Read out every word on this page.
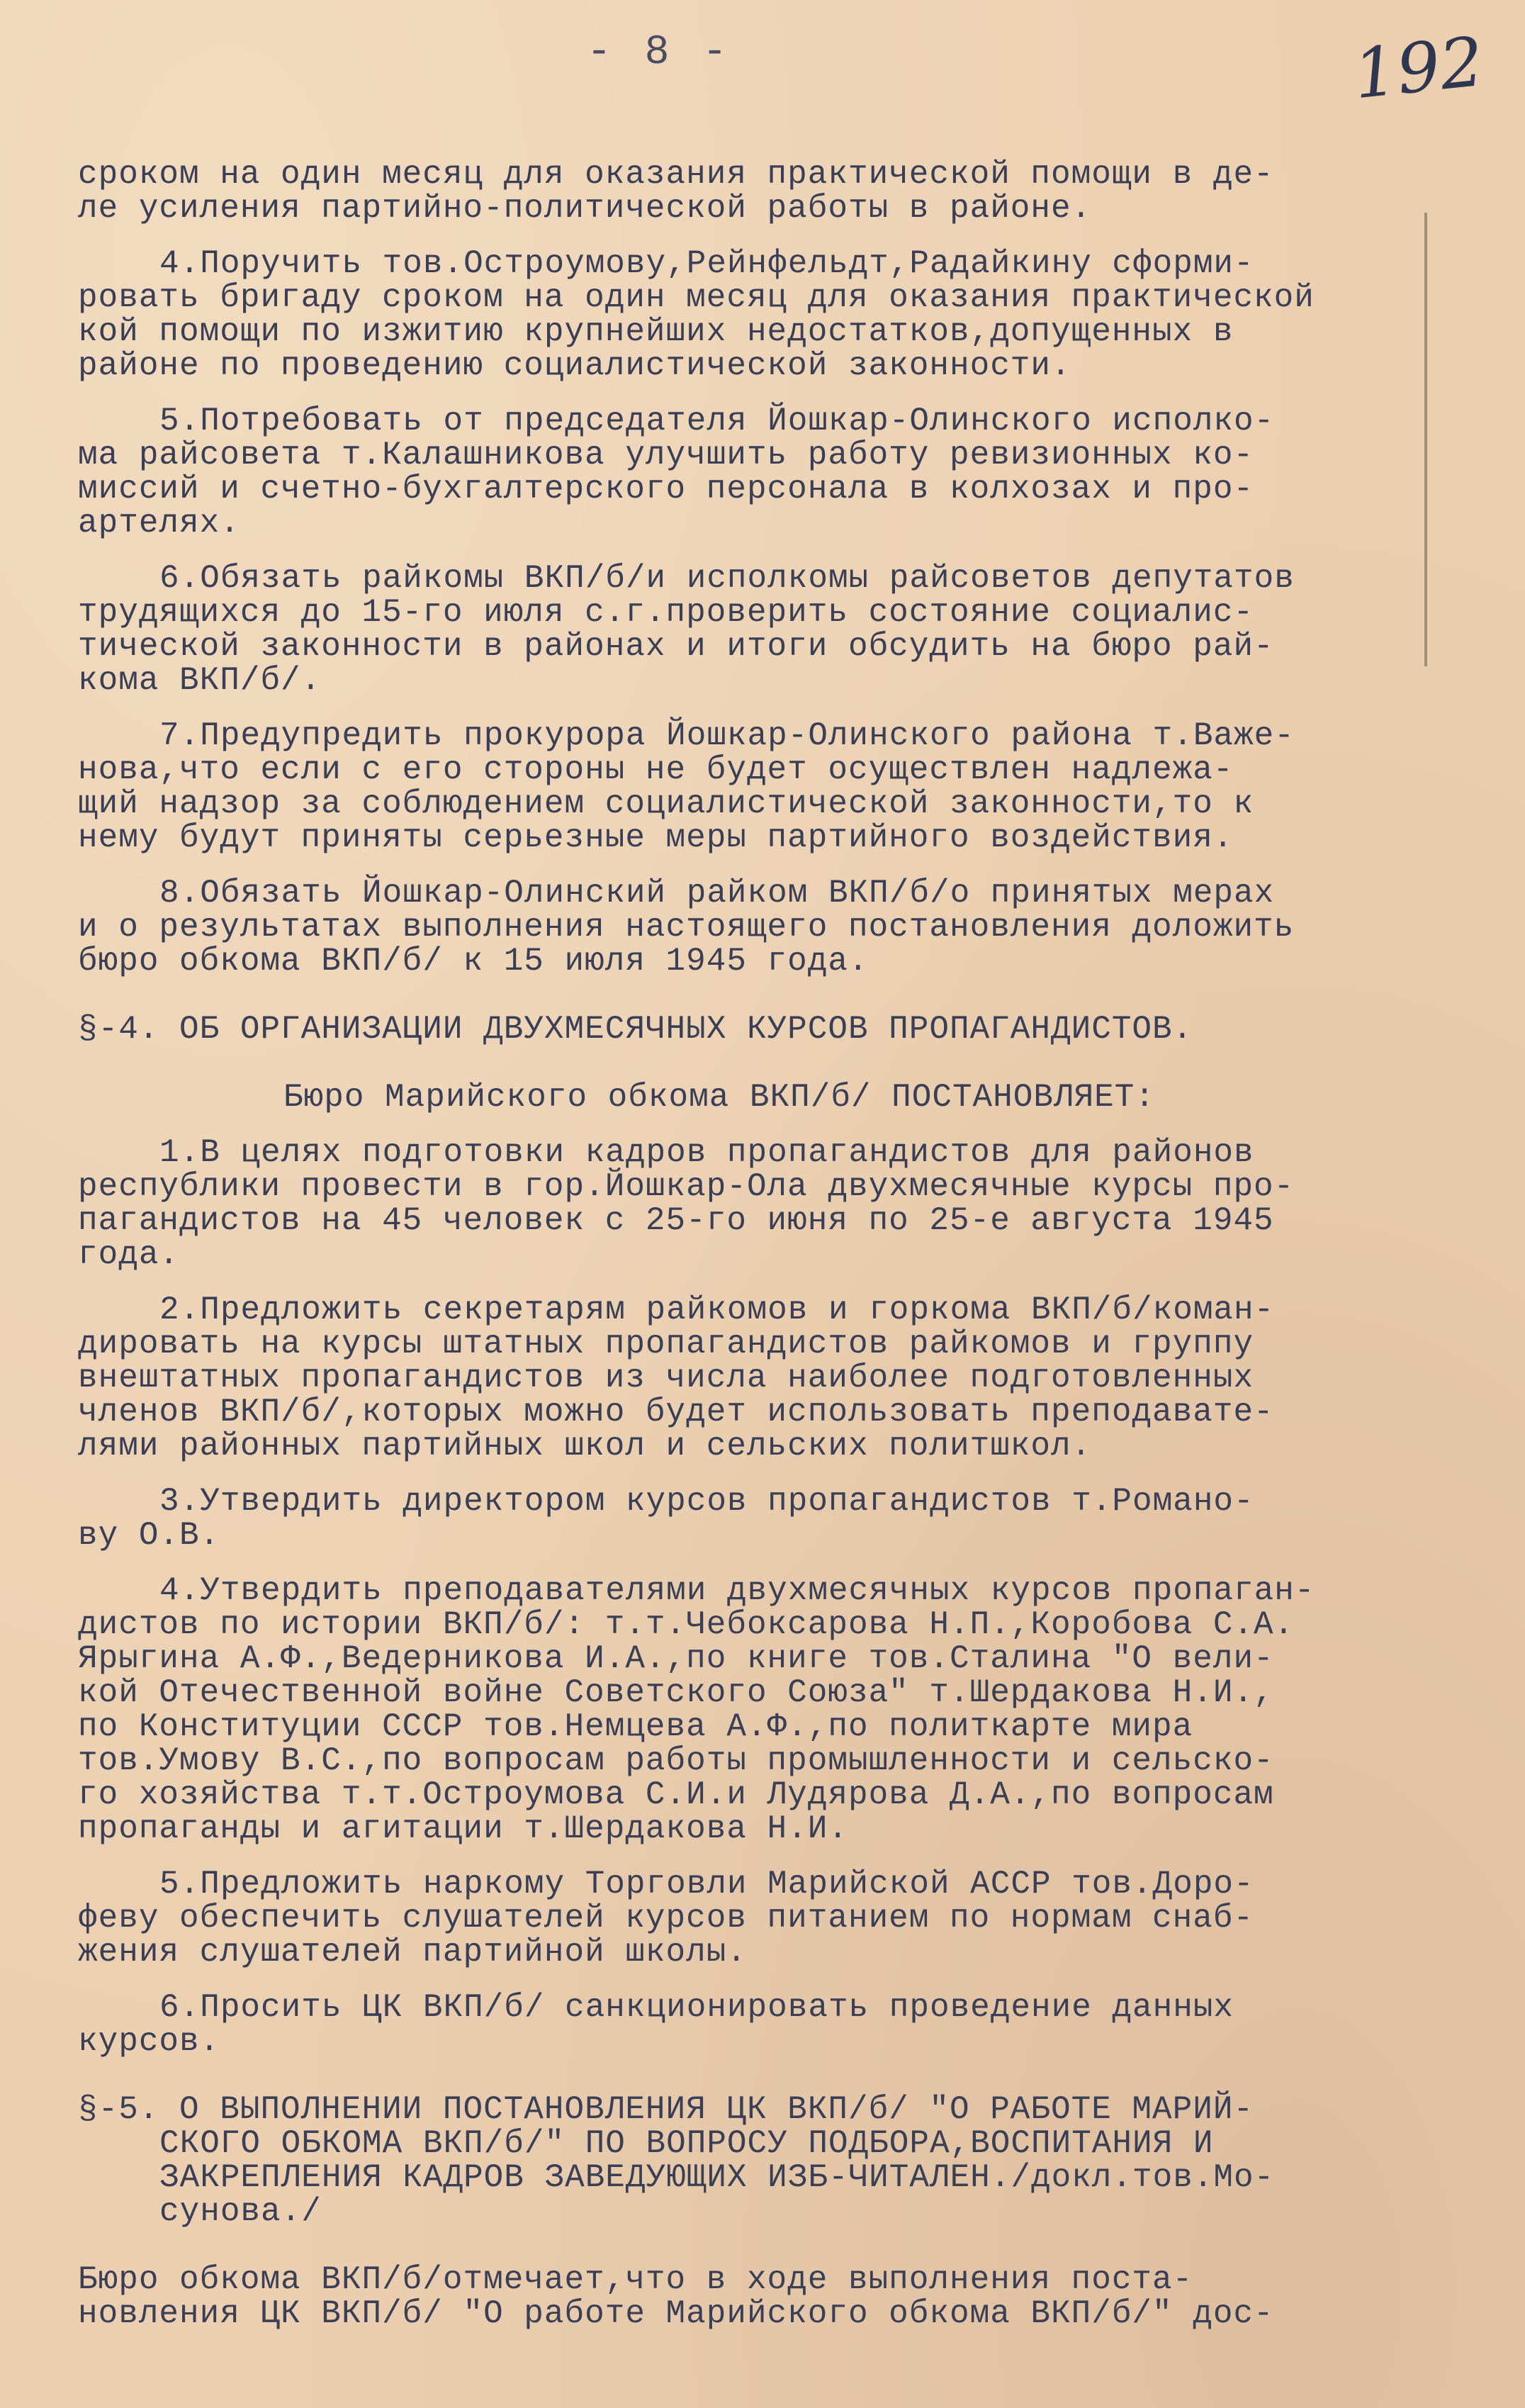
- 8 -	192
сроком на один месяц для оказания практической помощи в де-
ле усиления партийно-политической работы в районе.
4.Поручить тов.Остроумову,Рейнфельдт,Радайкину сформи-
ровать бригаду сроком на один месяц для оказания практической
кой помощи по изжитию крупнейших недостатков,допущенных в
районе по проведению социалистической законности.
5.Потребовать от председателя Йошкар-Олинского исполко-
ма райсовета т.Калашникова улучшить работу ревизионных ко-
миссий и счетно-бухгалтерского персонала в колхозах и про-
артелях.
6.Обязать райкомы ВКП/б/и исполкомы райсоветов депутатов
трудящихся до 15-го июля с.г.проверить состояние социалис-
тической законности в районах и итоги обсудить на бюро рай-
кома ВКП/б/.
7.Предупредить прокурора Йошкар-Олинского района т.Важе-
нова,что если с его стороны не будет осуществлен надлежа-
щий надзор за соблюдением социалистической законности,то к
нему будут приняты серьезные меры партийного воздействия.
8.Обязать Йошкар-Олинский райком ВКП/б/о принятых мерах
и о результатах выполнения настоящего постановления доложить
бюро обкома ВКП/б/ к 15 июля 1945 года.
§-4. ОБ ОРГАНИЗАЦИИ ДВУХМЕСЯЧНЫХ КУРСОВ ПРОПАГАНДИСТОВ.
Бюро Марийского обкома ВКП/б/ ПОСТАНОВЛЯЕТ:
1.В целях подготовки кадров пропагандистов для районов
республики провести в гор.Йошкар-Ола двухмесячные курсы про-
пагандистов на 45 человек с 25-го июня по 25-е августа 1945
года.
2.Предложить секретарям райкомов и горкома ВКП/б/коман-
дировать на курсы штатных пропагандистов райкомов и группу
внештатных пропагандистов из числа наиболее подготовленных
членов ВКП/б/,которых можно будет использовать преподавате-
лями районных партийных школ и сельских политшкол.
3.Утвердить директором курсов пропагандистов т.Романо-
ву О.В.
4.Утвердить преподавателями двухмесячных курсов пропаган-
дистов по истории ВКП/б/: т.т.Чебоксарова Н.П.,Коробова С.А.
Ярыгина А.Ф.,Ведерникова И.А.,по книге тов.Сталина "О вели-
кой Отечественной войне Советского Союза" т.Шердакова Н.И.,
по Конституции СССР тов.Немцева А.Ф.,по политкарте мира
тов.Умову В.С.,по вопросам работы промышленности и сельско-
го хозяйства т.т.Остроумова С.И.и Лудярова Д.А.,по вопросам
пропаганды и агитации т.Шердакова Н.И.
5.Предложить наркому Торговли Марийской АССР тов.Доро-
феву обеспечить слушателей курсов питанием по нормам снаб-
жения слушателей партийной школы.
6.Просить ЦК ВКП/б/ санкционировать проведение данных
курсов.
§-5. О ВЫПОЛНЕНИИ ПОСТАНОВЛЕНИЯ ЦК ВКП/б/ "О РАБОТЕ МАРИЙ-
СКОГО ОБКОМА ВКП/б/" ПО ВОПРОСУ ПОДБОРА,ВОСПИТАНИЯ И
ЗАКРЕПЛЕНИЯ КАДРОВ ЗАВЕДУЮЩИХ ИЗБ-ЧИТАЛЕН./докл.тов.Мо-
сунова./
Бюро обкома ВКП/б/отмечает,что в ходе выполнения поста-
новления ЦК ВКП/б/ "О работе Марийского обкома ВКП/б/" дос-
